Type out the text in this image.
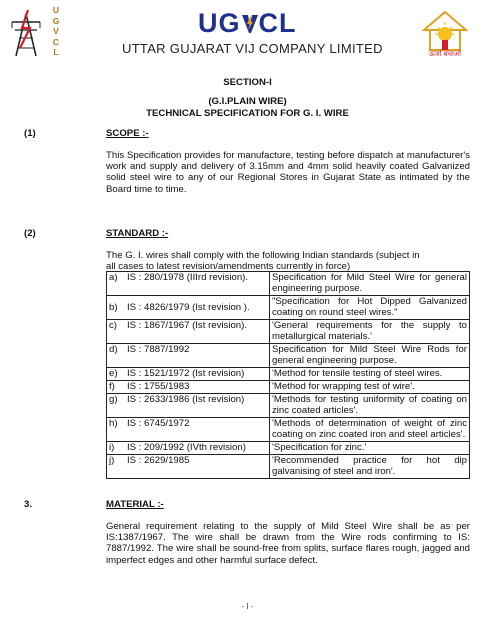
U
G
V
C
L
UG CL
UTTAR GUJARAT VIJ COMPANY LIMITED	ऊर्जा बचाओ
SECTION-I
(G.I.PLAIN WIRE)
TECHNICAL SPECIFICATION FOR G. I. WIRE
(1)	SCOPE :-
This Specification provides for manufacture, testing before dispatch at manufacturer's work and supply and delivery of 3.15mm and 4mm solid heavily coated Galvanized solid steel wire to any of our Regional Stores in Gujarat State as intimated by the Board time to time.
(2)	STANDARD :-
The G. I. wires shall comply with the following Indian standards (subject in
all cases to latest revision/amendments currently in force)
a)	IS : 280/1978 (IIIrd revision).	Specification for Mild Steel Wire for general engineering purpose.
b)	IS : 4826/1979 (Ist revision ).	"Specification for Hot Dipped Galvanized coating on round steel wires."
c)	IS : 1867/1967 (Ist revision).	'General requirements for the supply to metallurgical materials.'
d)	IS : 7887/1992	Specification for Mild Steel Wire Rods for general engineering purpose.
e)	IS : 1521/1972 (Ist revision)	'Method for tensile testing of steel wires.
f)	IS : 1755/1983	'Method for wrapping test of wire'.
g)	IS : 2633/1986 (Ist revision)	'Methods for testing uniformity of coating on zinc coated articles'.
h)	IS : 6745/1972	'Methods of determination of weight of zinc coating on zinc coated iron and steel articles'.
i)	IS : 209/1992 (IVth revision)	'Specification for zinc.'
j)	IS : 2629/1985	'Recommended practice for hot dip galvanising of steel and iron'.
3.	MATERIAL :-
General requirement relating to the supply of Mild Steel Wire shall be as per IS:1387/1967. The wire shall be drawn from the Wire rods confirming to IS: 7887/1992. The wire shall be sound-free from splits, surface flares rough, jagged and imperfect edges and other harmful surface defect.
- I -
